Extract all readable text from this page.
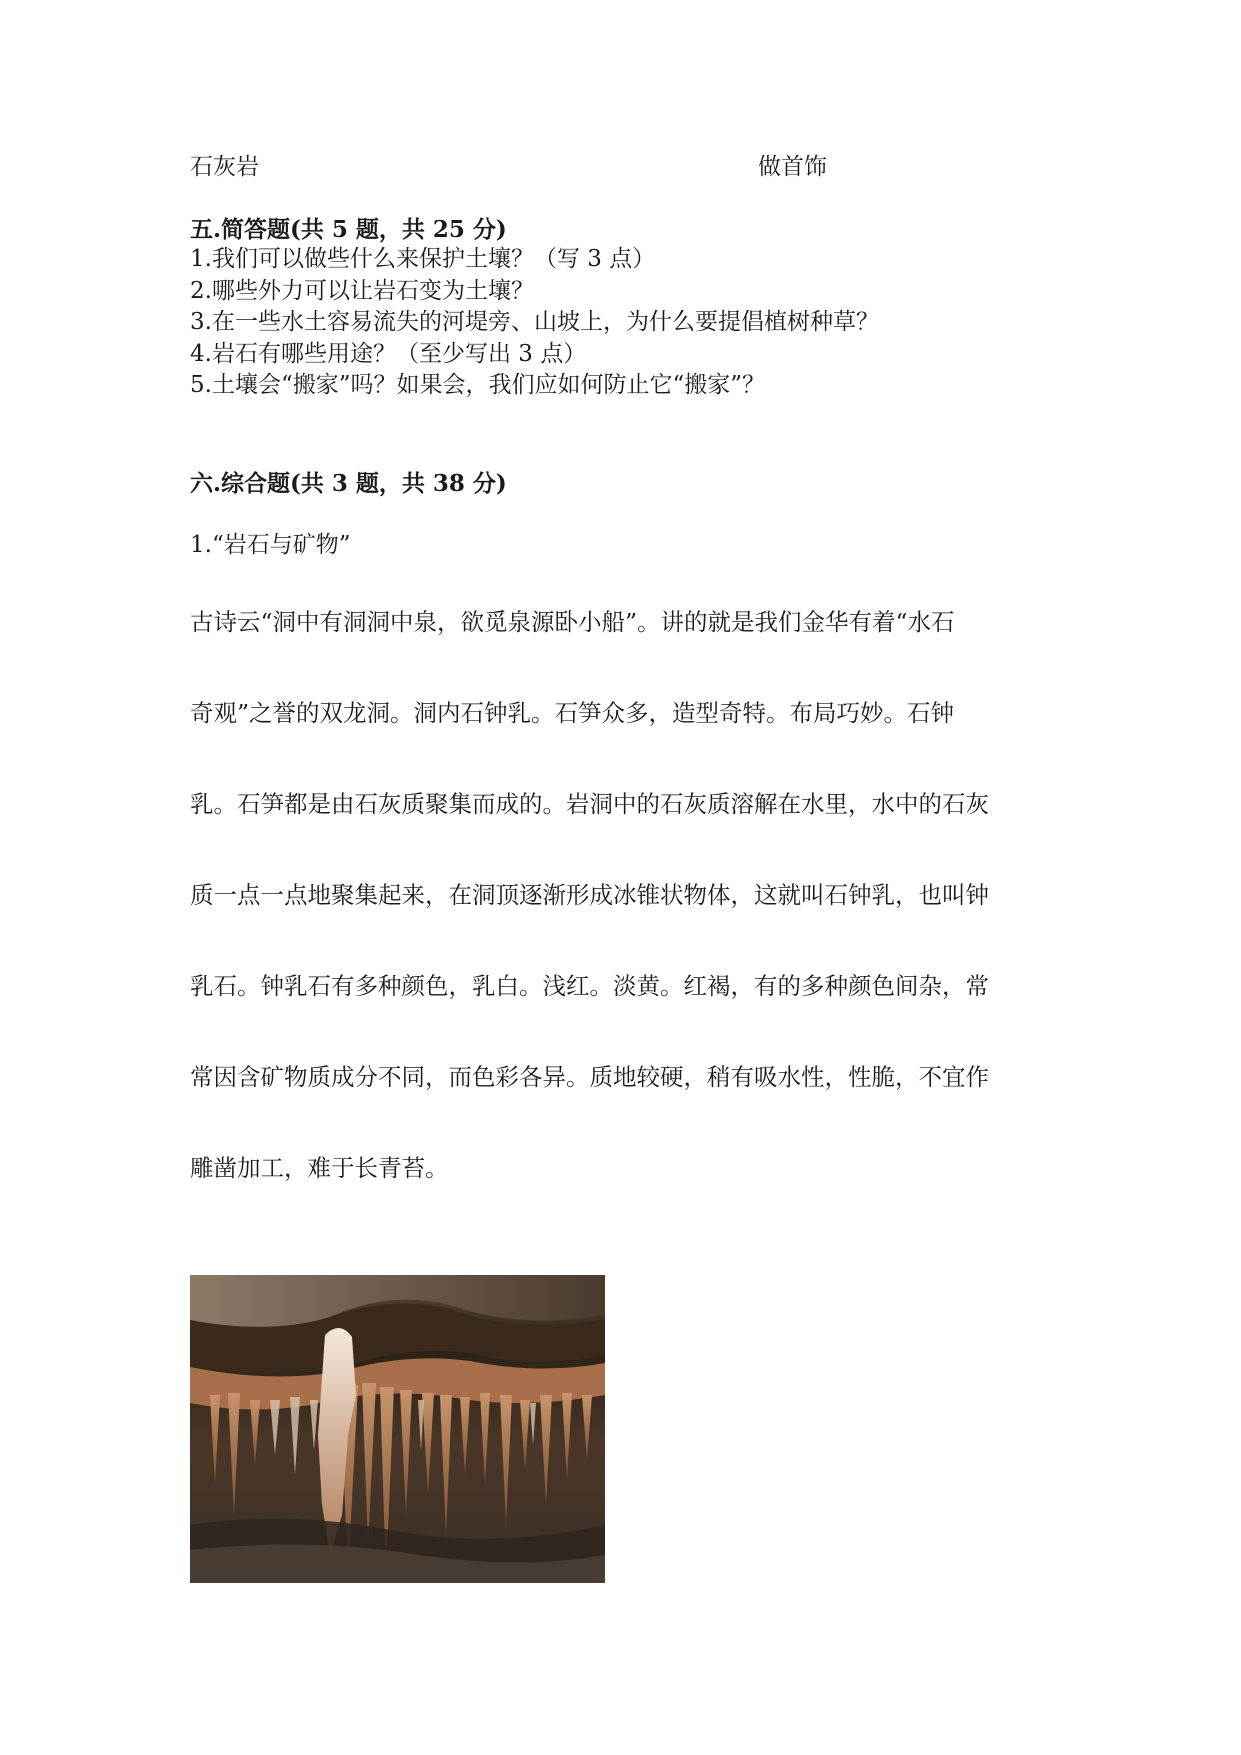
石灰岩	做首饰
五.简答题(共 5 题，共 25 分)
1.我们可以做些什么来保护土壤？（写 3 点）
2.哪些外力可以让岩石变为土壤？
3.在一些水土容易流失的河堤旁、山坡上，为什么要提倡植树种草？
4.岩石有哪些用途？（至少写出 3 点）
5.土壤会“搬家”吗？如果会，我们应如何防止它“搬家”？
六.综合题(共 3 题，共 38 分)
1.“岩石与矿物”
古诗云“洞中有洞洞中泉，欲觅泉源卧小船”。讲的就是我们金华有着“水石
奇观”之誉的双龙洞。洞内石钟乳。石笋众多，造型奇特。布局巧妙。石钟
乳。石笋都是由石灰质聚集而成的。岩洞中的石灰质溶解在水里，水中的石灰
质一点一点地聚集起来，在洞顶逐渐形成冰锥状物体，这就叫石钟乳，也叫钟
乳石。钟乳石有多种颜色，乳白。浅红。淡黄。红褐，有的多种颜色间杂，常
常因含矿物质成分不同，而色彩各异。质地较硬，稍有吸水性，性脆，不宜作
雕凿加工，难于长青苔。
